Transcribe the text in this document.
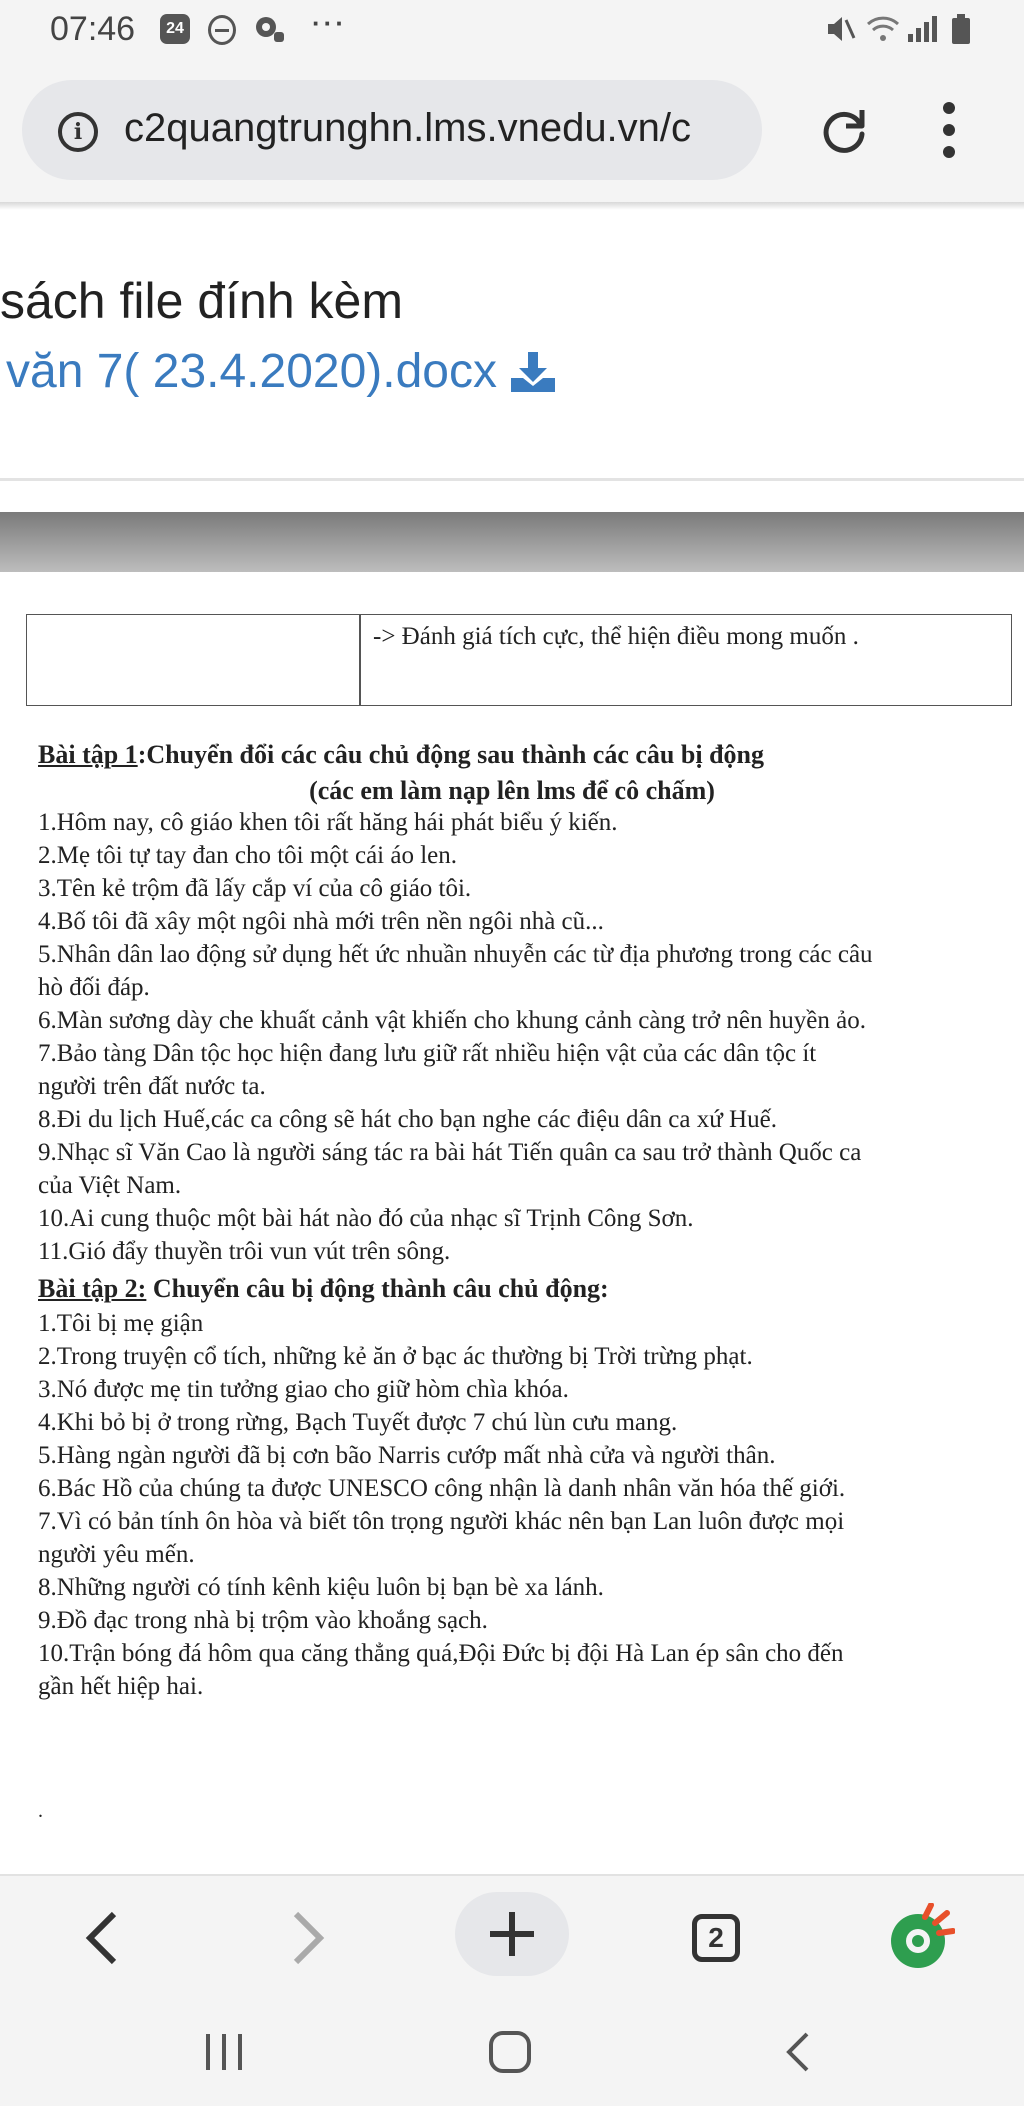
07:46	24	···
i	c2quangtrunghn.lms.vnedu.vn/c
sách file đính kèm
văn 7( 23.4.2020).docx
-> Đánh giá tích cực, thể hiện điều mong muốn .
Bài tập 1:Chuyển đổi các câu chủ động sau thành các câu bị động
(các em làm nạp lên lms để cô chấm)
1.Hôm nay, cô giáo khen tôi rất hăng hái phát biểu ý kiến.
2.Mẹ tôi tự tay đan cho tôi một cái áo len.
3.Tên kẻ trộm đã lấy cắp ví của cô giáo tôi.
4.Bố tôi đã xây một ngôi nhà mới trên nền ngôi nhà cũ...
5.Nhân dân lao động sử dụng hết ức nhuần nhuyễn các từ địa phương trong các câu
hò đối đáp.
6.Màn sương dày che khuất cảnh vật khiến cho khung cảnh càng trở nên huyền ảo.
7.Bảo tàng Dân tộc học hiện đang lưu giữ rất nhiều hiện vật của các dân tộc ít
người trên đất nước ta.
8.Đi du lịch Huế,các ca công sẽ hát cho bạn nghe các điệu dân ca xứ Huế.
9.Nhạc sĩ Văn Cao là người sáng tác ra bài hát Tiến quân ca sau trở thành Quốc ca
của Việt Nam.
10.Ai cung thuộc một bài hát nào đó của nhạc sĩ Trịnh Công Sơn.
11.Gió đẩy thuyền trôi vun vút trên sông.
Bài tập 2: Chuyển câu bị động thành câu chủ động:
1.Tôi bị mẹ giận
2.Trong truyện cổ tích, những kẻ ăn ở bạc ác thường bị Trời trừng phạt.
3.Nó được mẹ tin tưởng giao cho giữ hòm chìa khóa.
4.Khi bỏ bị ở trong rừng, Bạch Tuyết được 7 chú lùn cưu mang.
5.Hàng ngàn người đã bị cơn bão Narris cướp mất nhà cửa và người thân.
6.Bác Hồ của chúng ta được UNESCO công nhận là danh nhân văn hóa thế giới.
7.Vì có bản tính ôn hòa và biết tôn trọng người khác nên bạn Lan luôn được mọi
người yêu mến.
8.Những người có tính kênh kiệu luôn bị bạn bè xa lánh.
9.Đồ đạc trong nhà bị trộm vào khoắng sạch.
10.Trận bóng đá hôm qua căng thẳng quá,Đội Đức bị đội Hà Lan ép sân cho đến
gần hết hiệp hai.
.
2
